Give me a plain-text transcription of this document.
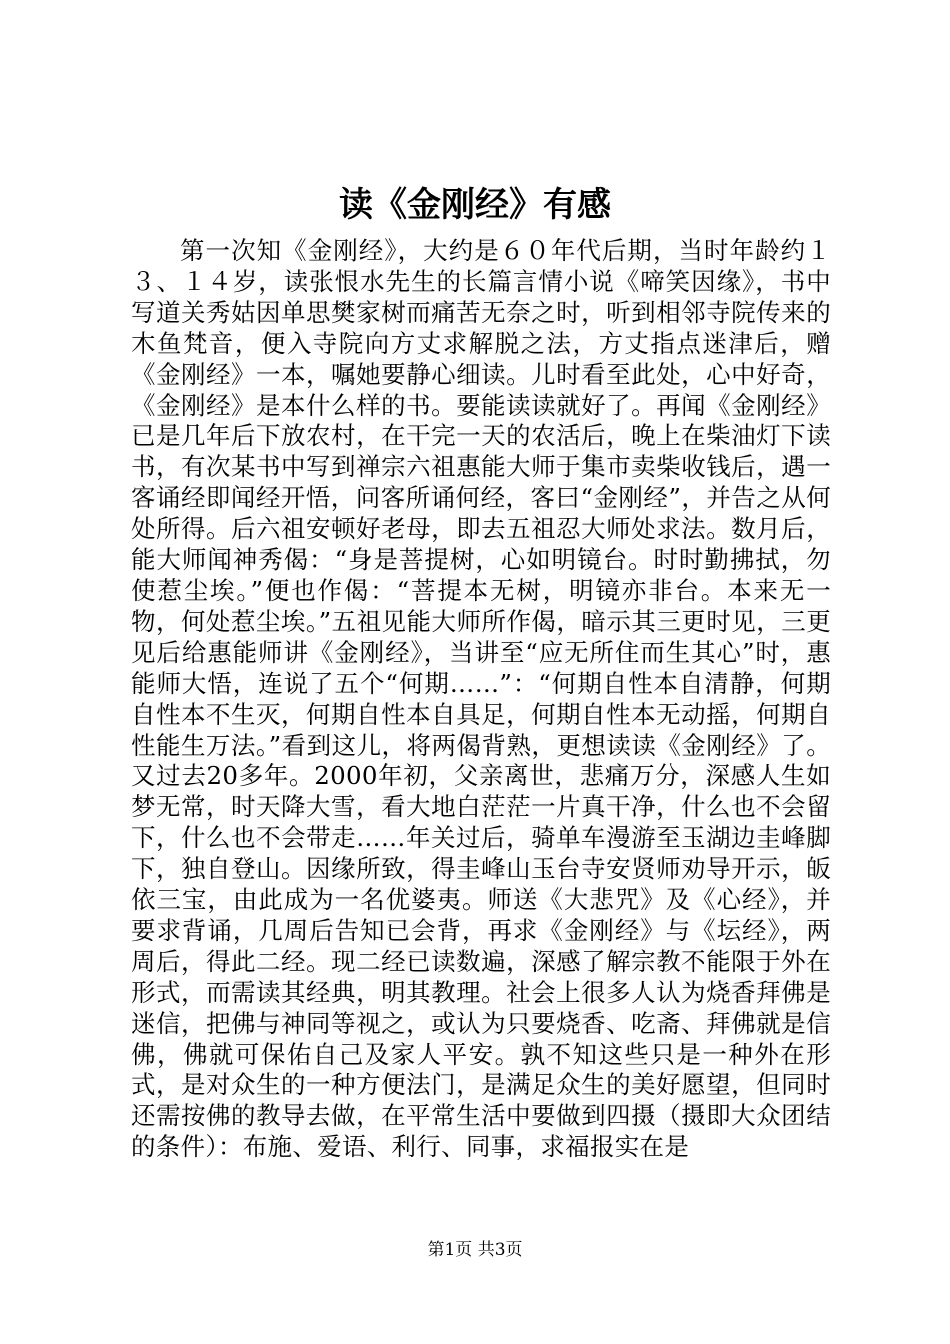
读《金刚经》有感

第一次知《金刚经》，大约是６０年代后期，当时年龄约１３、１４岁，读张恨水先生的长篇言情小说《啼笑因缘》，书中写道关秀姑因单思樊家树而痛苦无奈之时，听到相邻寺院传来的木鱼梵音，便入寺院向方丈求解脱之法，方丈指点迷津后，赠《金刚经》一本，嘱她要静心细读。儿时看至此处，心中好奇，《金刚经》是本什么样的书。要能读读就好了。再闻《金刚经》已是几年后下放农村，在干完一天的农活后，晚上在柴油灯下读书，有次某书中写到禅宗六祖惠能大师于集市卖柴收钱后，遇一客诵经即闻经开悟，问客所诵何经，客曰“金刚经”，并告之从何处所得。后六祖安顿好老母，即去五祖忍大师处求法。数月后，能大师闻神秀偈：“身是菩提树，心如明镜台。时时勤拂拭，勿使惹尘埃。”便也作偈：“菩提本无树，明镜亦非台。本来无一物，何处惹尘埃。”五祖见能大师所作偈，暗示其三更时见，三更见后给惠能师讲《金刚经》，当讲至“应无所住而生其心”时，惠能师大悟，连说了五个“何期……”：“何期自性本自清静，何期自性本不生灭，何期自性本自具足，何期自性本无动摇，何期自性能生万法。”看到这儿，将两偈背熟，更想读读《金刚经》了。又过去20多年。2000年初，父亲离世，悲痛万分，深感人生如梦无常，时天降大雪，看大地白茫茫一片真干净，什么也不会留下，什么也不会带走……年关过后，骑单车漫游至玉湖边圭峰脚下，独自登山。因缘所致，得圭峰山玉台寺安贤师劝导开示，皈依三宝，由此成为一名优婆夷。师送《大悲咒》及《心经》，并要求背诵，几周后告知已会背，再求《金刚经》与《坛经》，两周后，得此二经。现二经已读数遍，深感了解宗教不能限于外在形式，而需读其经典，明其教理。社会上很多人认为烧香拜佛是迷信，把佛与神同等视之，或认为只要烧香、吃斋、拜佛就是信佛，佛就可保佑自己及家人平安。孰不知这些只是一种外在形式，是对众生的一种方便法门，是满足众生的美好愿望，但同时还需按佛的教导去做，在平常生活中要做到四摄（摄即大众团结的条件）：布施、爱语、利行、同事，求福报实在是

第1页 共3页
